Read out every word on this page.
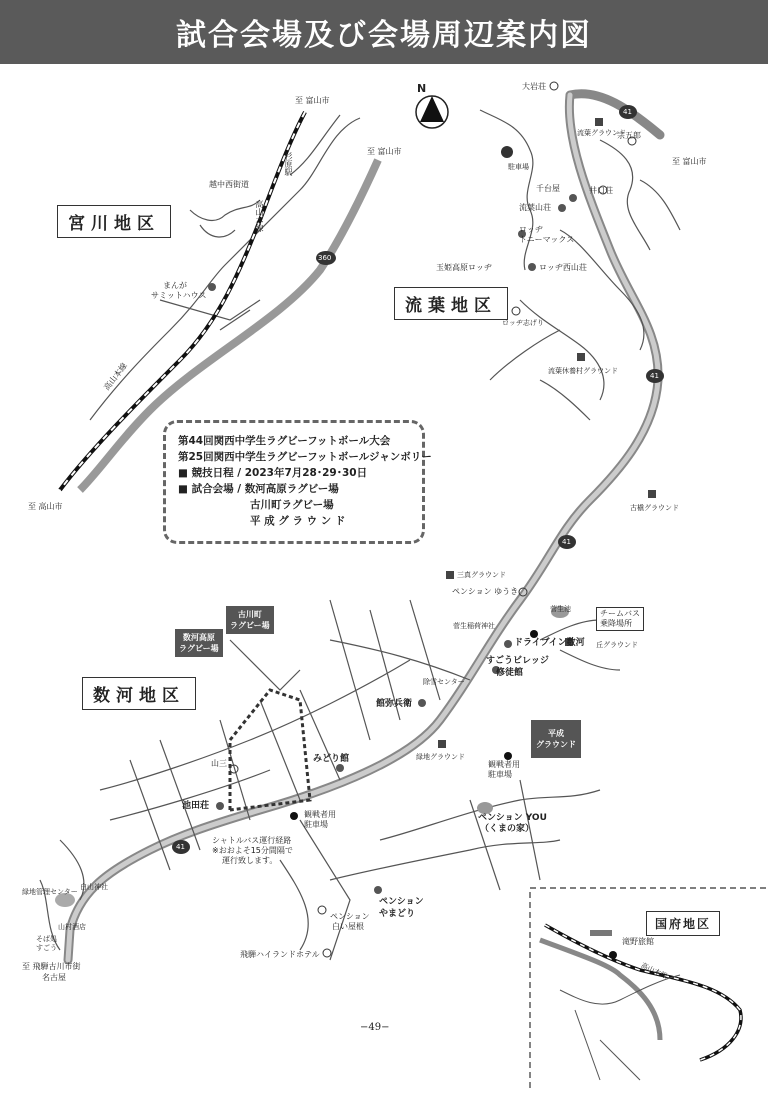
試合会場及び会場周辺案内図
宮川地区
流葉地区
数河地区
国府地区
第44回関西中学生ラグビーフットボール大会
第25回関西中学生ラグビーフットボールジャンボリー
■ 競技日程 / 2023年7月28･29･30日
■ 試合会場 / 数河高原ラグビー場
古川町ラグビー場
平 成 グ ラ ウ ン ド
古川町
ラグビー場
数河高原
ラグビー場
平成
グラウンド
N
360
41
41
41
41
至 富山市
至 富山市
至 富山市
至 高山市
杉原駅
越中西街道
高山本線
高山本線
まんが
サミットハウス
大岩荘
流葉グラウンド
宗五郎
駐車場
千台屋	井口荘
流葉山荘
ロッヂ
トニーマックス
玉姫高原ロッヂ	ロッヂ西山荘
ロッヂ志げり
流葉休養村グラウンド
古槇グラウンド
三真グラウンド
ペンション ゆうき
菅生池	チームバス
乗降場所
丘グラウンド
菅生稲荷神社
ドライブイン数河
すごうビレッジ
修徒館
除雪センター
館弥兵衛
緑地グラウンド
観戦者用
駐車場
みどり館
山三
池田荘
観戦者用
駐車場
シャトルバス運行経路
※おおよそ15分間隔で
運行致します。
ペンション YOU
（くまの家）
緑地管理センター
白山神社
山村酒店
そば処
すごう
至 飛騨古川市街
名古屋
ペンション
白い屋根
ペンション
やまどり
飛騨ハイランドホテル
滝野旅館
高山本線
飛騨国府駅
−49−
